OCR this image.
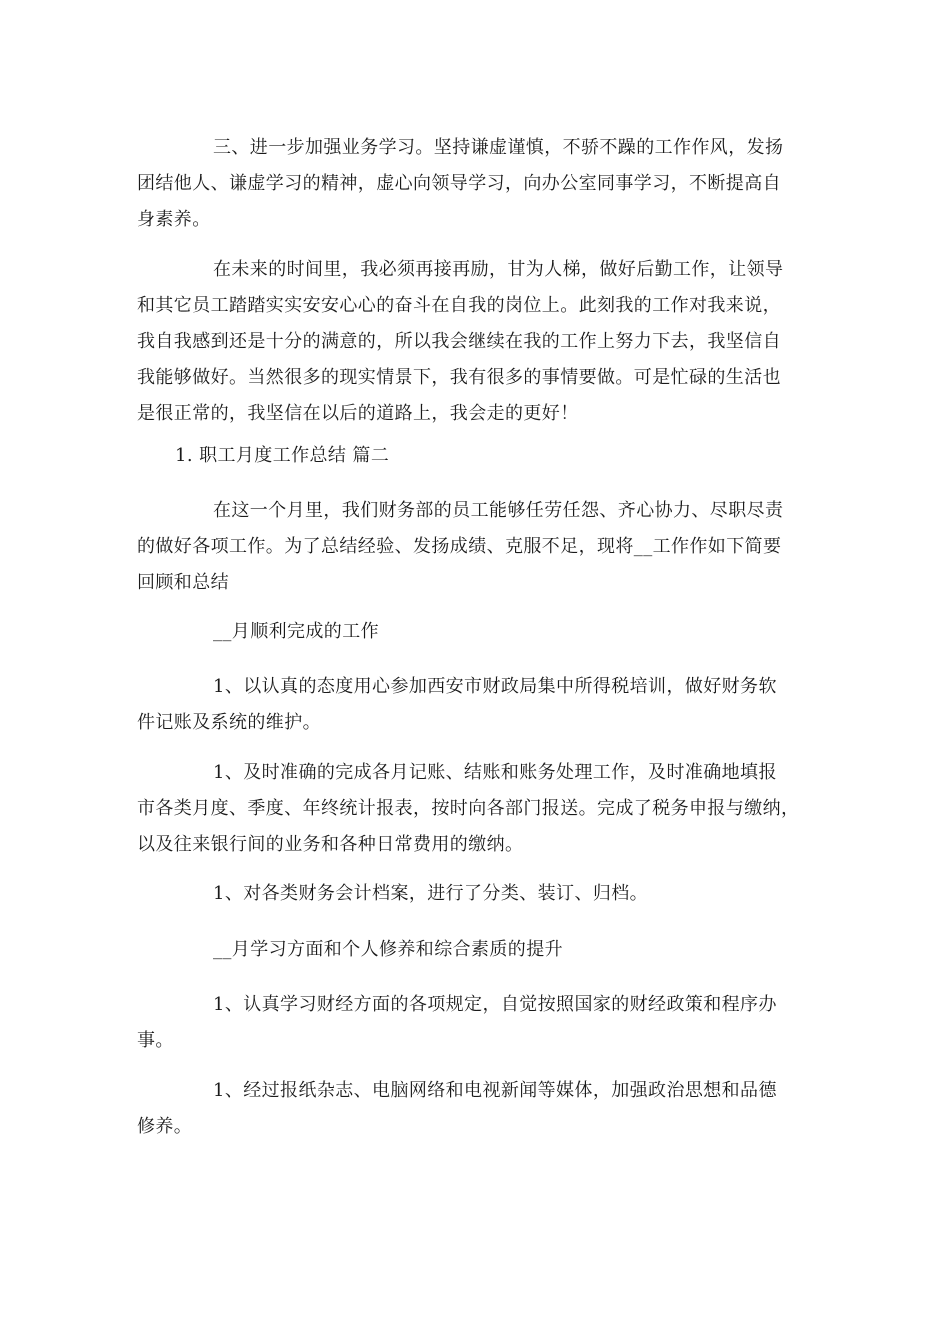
三、进一步加强业务学习。坚持谦虚谨慎，不骄不躁的工作作风，发扬
团结他人、谦虚学习的精神，虚心向领导学习，向办公室同事学习，不断提高自
身素养。
在未来的时间里，我必须再接再励，甘为人梯，做好后勤工作，让领导
和其它员工踏踏实实安安心心的奋斗在自我的岗位上。此刻我的工作对我来说，
我自我感到还是十分的满意的，所以我会继续在我的工作上努力下去，我坚信自
我能够做好。当然很多的现实情景下，我有很多的事情要做。可是忙碌的生活也
是很正常的，我坚信在以后的道路上，我会走的更好！
1. 职工月度工作总结 篇二
在这一个月里，我们财务部的员工能够任劳任怨、齐心协力、尽职尽责
的做好各项工作。为了总结经验、发扬成绩、克服不足，现将__工作作如下简要
回顾和总结
__月顺利完成的工作
1、以认真的态度用心参加西安市财政局集中所得税培训，做好财务软
件记账及系统的维护。
1、及时准确的完成各月记账、结账和账务处理工作，及时准确地填报
市各类月度、季度、年终统计报表，按时向各部门报送。完成了税务申报与缴纳，
以及往来银行间的业务和各种日常费用的缴纳。
1、对各类财务会计档案，进行了分类、装订、归档。
__月学习方面和个人修养和综合素质的提升
1、认真学习财经方面的各项规定，自觉按照国家的财经政策和程序办
事。
1、经过报纸杂志、电脑网络和电视新闻等媒体，加强政治思想和品德
修养。
